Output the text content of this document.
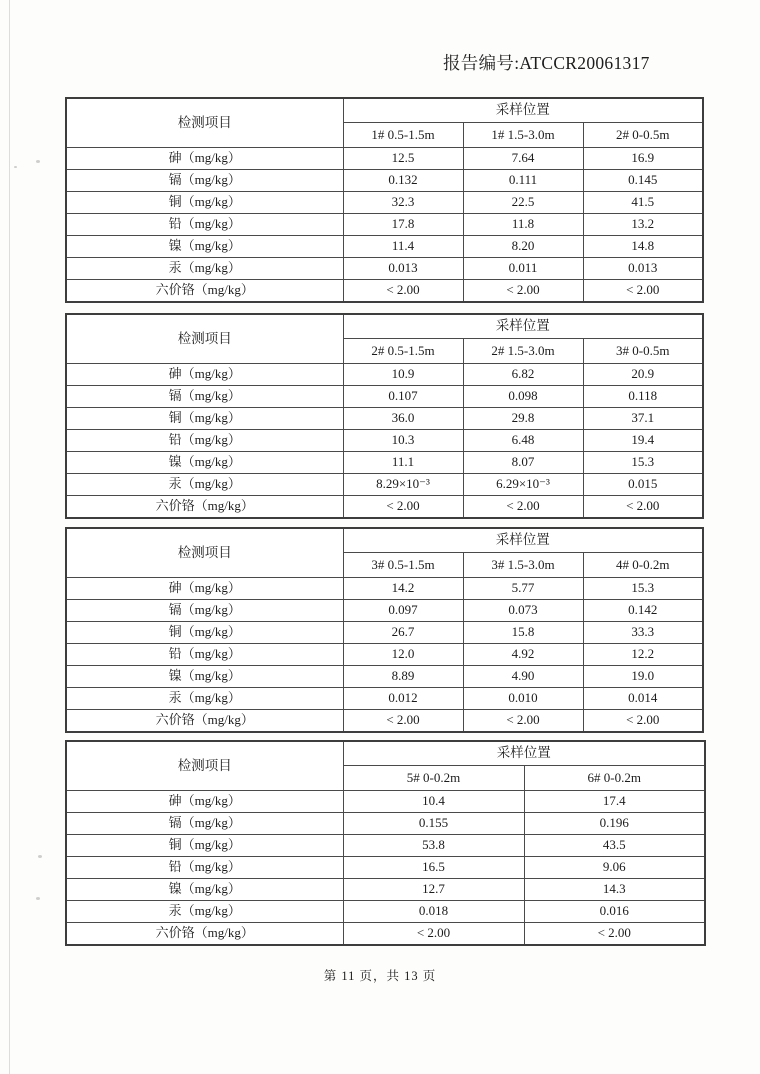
报告编号:ATCCR20061317
检测项目	采样位置		
	1# 0.5-1.5m	1# 1.5-3.0m	2# 0-0.5m
砷（mg/kg）	12.5	7.64	16.9
镉（mg/kg）	0.132	0.111	0.145
铜（mg/kg）	32.3	22.5	41.5
铅（mg/kg）	17.8	11.8	13.2
镍（mg/kg）	11.4	8.20	14.8
汞（mg/kg）	0.013	0.011	0.013
六价铬（mg/kg）	< 2.00	< 2.00	< 2.00
检测项目	采样位置		
	2# 0.5-1.5m	2# 1.5-3.0m	3# 0-0.5m
砷（mg/kg）	10.9	6.82	20.9
镉（mg/kg）	0.107	0.098	0.118
铜（mg/kg）	36.0	29.8	37.1
铅（mg/kg）	10.3	6.48	19.4
镍（mg/kg）	11.1	8.07	15.3
汞（mg/kg）	8.29×10⁻³	6.29×10⁻³	0.015
六价铬（mg/kg）	< 2.00	< 2.00	< 2.00
检测项目	采样位置		
	3# 0.5-1.5m	3# 1.5-3.0m	4# 0-0.2m
砷（mg/kg）	14.2	5.77	15.3
镉（mg/kg）	0.097	0.073	0.142
铜（mg/kg）	26.7	15.8	33.3
铅（mg/kg）	12.0	4.92	12.2
镍（mg/kg）	8.89	4.90	19.0
汞（mg/kg）	0.012	0.010	0.014
六价铬（mg/kg）	< 2.00	< 2.00	< 2.00
检测项目	采样位置	
	5# 0-0.2m	6# 0-0.2m
砷（mg/kg）	10.4	17.4
镉（mg/kg）	0.155	0.196
铜（mg/kg）	53.8	43.5
铅（mg/kg）	16.5	9.06
镍（mg/kg）	12.7	14.3
汞（mg/kg）	0.018	0.016
六价铬（mg/kg）	< 2.00	< 2.00
第 11 页，共 13 页
